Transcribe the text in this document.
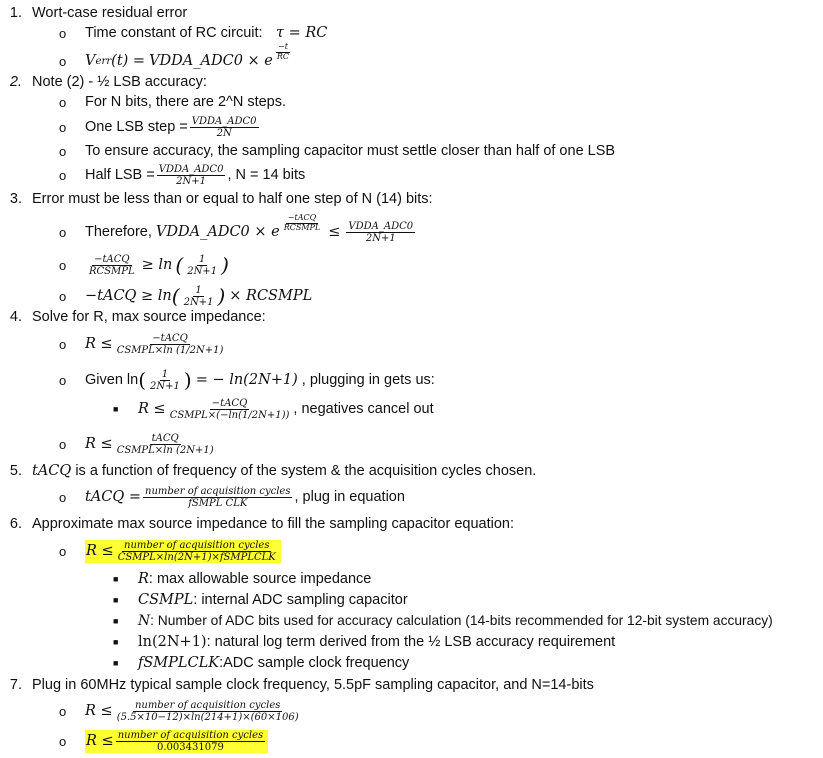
1. Wort-case residual error
o Time constant of RC circuit: τ = RC
o V err (t) = VDDA_ADC0 × e $\frac{-t}{RC}$
2. Note (2) - ½ LSB accuracy:
o For N bits, there are 2^N steps.
o One LSB step = $\frac{\text{VDDA\_ADC0}}{2N}$
o To ensure accuracy, the sampling capacitor must settle closer than half of one LSB
o Half LSB = $\frac{\text{VDDA\_ADC0}}{2N+1}$ , N = 14 bits
3. Error must be less than or equal to half one step of N (14) bits:
o Therefore, VDDA_ADC0 × e $\frac{\text{−tACQ}}{\text{RCSMPL}} \le \frac{\text{VDDA\_ADC0}}{2N+1}$
o $\frac{\text{−tACQ}}{\text{RCSMPL}} \ge \ln$ ( $\frac{1}{2N+1}$ )
o −tACQ ≥ ln ( $\frac{1}{2N+1}$ ) × RCSMPL
4. Solve for R, max source impedance:
o $R \le \frac{\text{−tACQ}}{\text{CSMPL×ln (1/2N+1)}}$
o Given ln ( $\frac{1}{2N+1}$ ) = − ln(2N+1) , plugging in gets us:
■ $R \le \frac{\text{−tACQ}}{\text{CSMPL×(−ln(1/2N+1))}}$ , negatives cancel out
o $R \le \frac{\text{tACQ}}{\text{CSMPL×ln (2N+1)}}$
5. tACQ is a function of frequency of the system & the acquisition cycles chosen.
o tACQ = $\frac{\text{number of acquisition cycles}}{\text{fSMPL CLK}}$ , plug in equation
6. Approximate max source impedance to fill the sampling capacitor equation:
o $R \le \frac{\text{number of acquisition cycles}}{\text{CSMPL×ln(2N+1)×fSMPLCLK}}$
■ R: max allowable source impedance
■ CSMPL: internal ADC sampling capacitor
■ N: Number of ADC bits used for accuracy calculation (14-bits recommended for 12-bit system accuracy)
■ ln(2N+1): natural log term derived from the ½ LSB accuracy requirement
■ fSMPLCLK:ADC sample clock frequency
7. Plug in 60MHz typical sample clock frequency, 5.5pF sampling capacitor, and N=14-bits
o $R \le \frac{\text{number of acquisition cycles}}{(5.5\times 10-12)\times\ln(214+1)\times(60\times 106)}$
o $R \le \frac{\text{number of acquisition cycles}}{0.003431079}$
